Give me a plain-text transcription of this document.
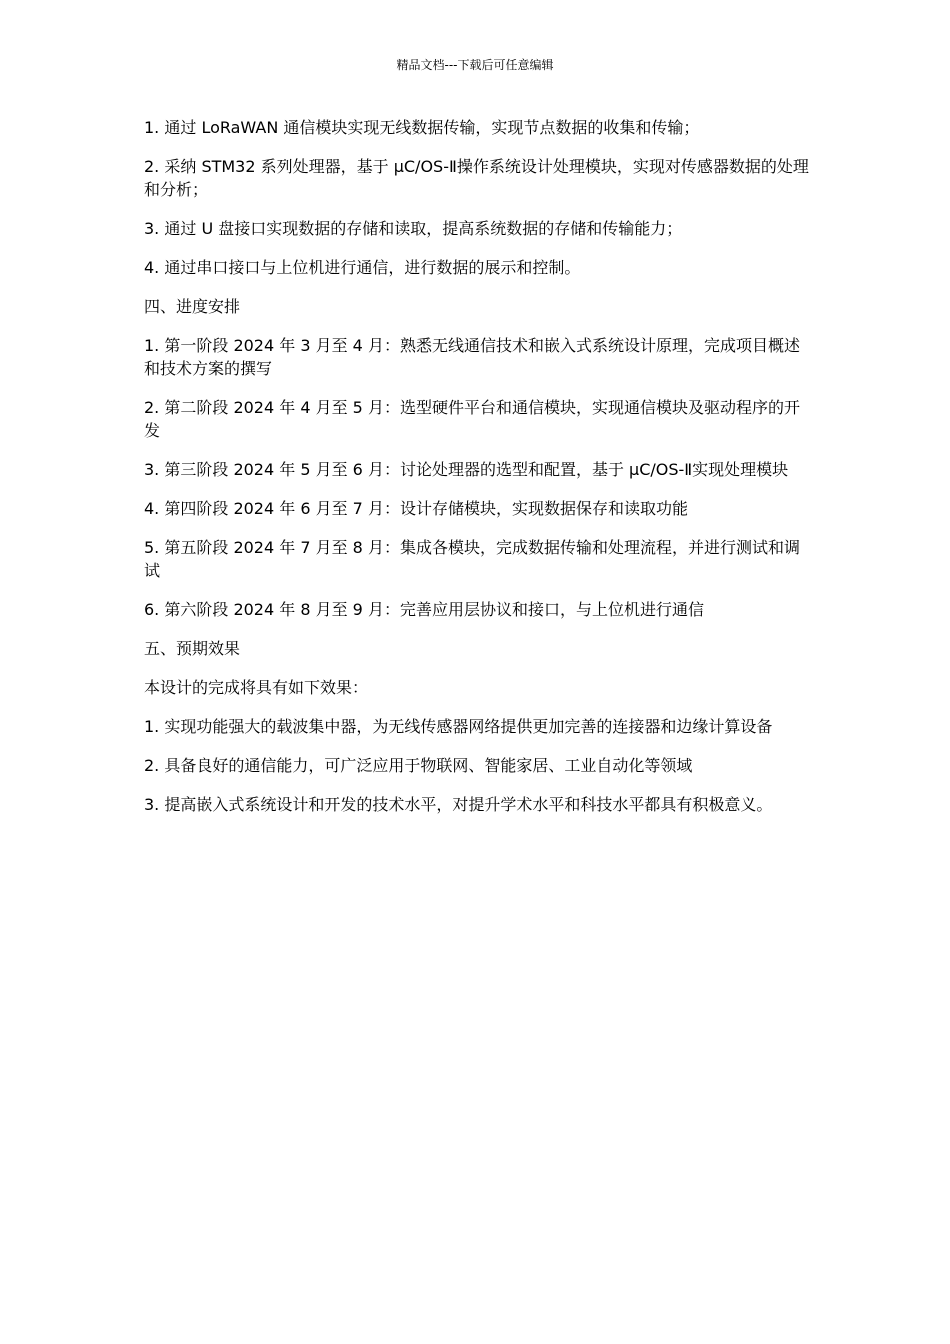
精品文档---下载后可任意编辑

1. 通过 LoRaWAN 通信模块实现无线数据传输，实现节点数据的收集和传输；

2. 采纳 STM32 系列处理器，基于 μC/OS-Ⅱ操作系统设计处理模块，实现对传感器数据的处理和分析；

3. 通过 U 盘接口实现数据的存储和读取，提高系统数据的存储和传输能力；

4. 通过串口接口与上位机进行通信，进行数据的展示和控制。

四、进度安排

1. 第一阶段 2024 年 3 月至 4 月：熟悉无线通信技术和嵌入式系统设计原理，完成项目概述和技术方案的撰写

2. 第二阶段 2024 年 4 月至 5 月：选型硬件平台和通信模块，实现通信模块及驱动程序的开发

3. 第三阶段 2024 年 5 月至 6 月：讨论处理器的选型和配置，基于 μC/OS-Ⅱ实现处理模块

4. 第四阶段 2024 年 6 月至 7 月：设计存储模块，实现数据保存和读取功能

5. 第五阶段 2024 年 7 月至 8 月：集成各模块，完成数据传输和处理流程，并进行测试和调试

6. 第六阶段 2024 年 8 月至 9 月：完善应用层协议和接口，与上位机进行通信

五、预期效果

本设计的完成将具有如下效果：

1. 实现功能强大的载波集中器，为无线传感器网络提供更加完善的连接器和边缘计算设备

2. 具备良好的通信能力，可广泛应用于物联网、智能家居、工业自动化等领域

3. 提高嵌入式系统设计和开发的技术水平，对提升学术水平和科技水平都具有积极意义。
